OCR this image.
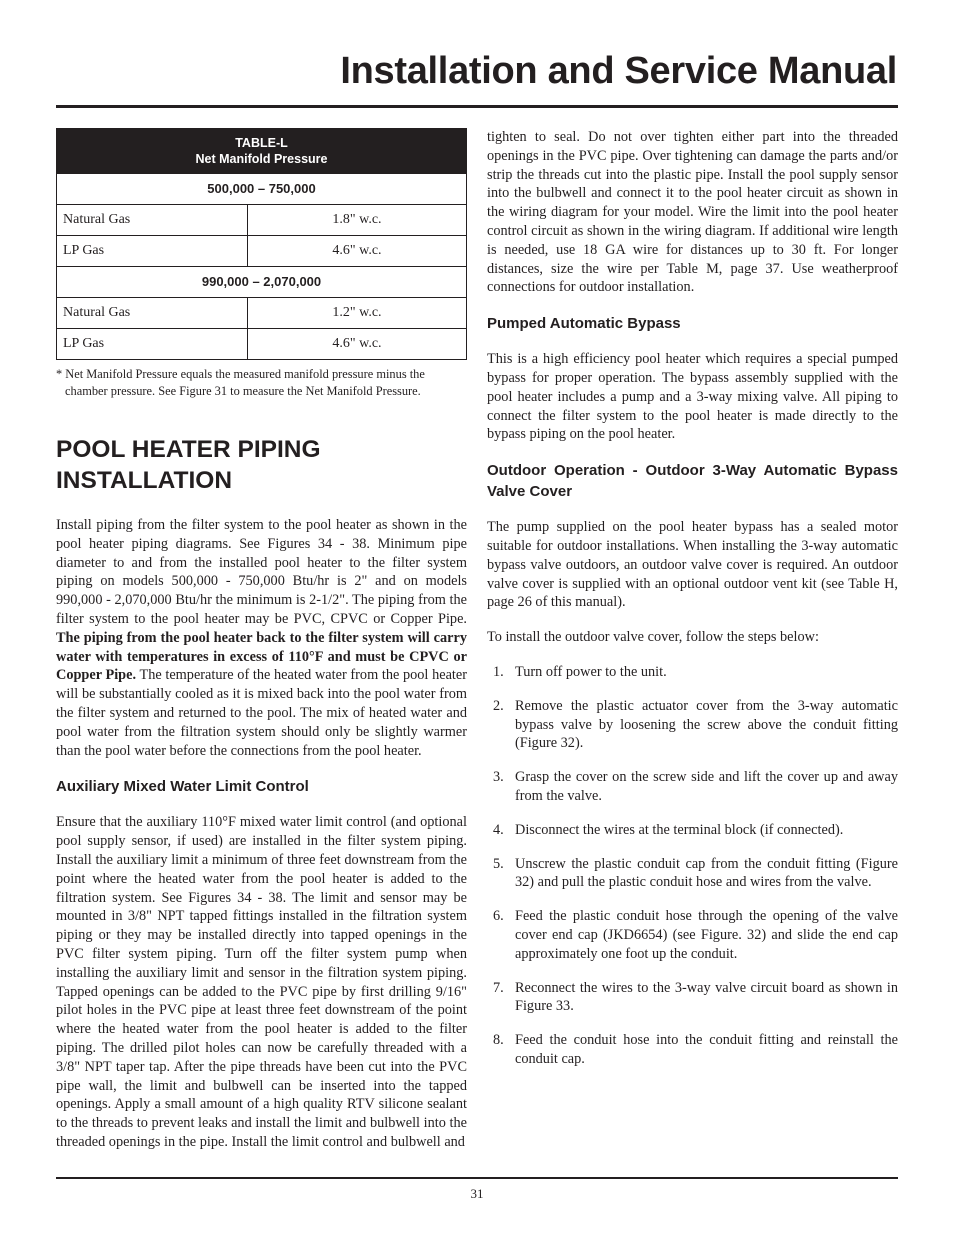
Installation and Service Manual
TABLE-L
Net Manifold Pressure	

500,000 – 750,000	
Natural Gas	1.8" w.c.
LP Gas	4.6" w.c.
990,000 – 2,070,000	
Natural Gas	1.2" w.c.
LP Gas	4.6" w.c.
* Net Manifold Pressure equals the measured manifold pressure minus the chamber pressure. See Figure 31 to measure the Net Manifold Pressure.
POOL HEATER PIPING INSTALLATION

Install piping from the filter system to the pool heater as shown in the pool heater piping diagrams. See Figures 34 - 38. Minimum pipe diameter to and from the installed pool heater to the filter system piping on models 500,000 - 750,000 Btu/hr is 2" and on models 990,000 - 2,070,000 Btu/hr the minimum is 2-1/2". The piping from the filter system to the pool heater may be PVC, CPVC or Copper Pipe. The piping from the pool heater back to the filter system will carry water with temperatures in excess of 110°F and must be CPVC or Copper Pipe. The temperature of the heated water from the pool heater will be substantially cooled as it is mixed back into the pool water from the filter system and returned to the pool. The mix of heated water and pool water from the filtration system should only be slightly warmer than the pool water before the connections from the pool heater.

Auxiliary Mixed Water Limit Control

Ensure that the auxiliary 110°F mixed water limit control (and optional pool supply sensor, if used) are installed in the filter system piping. Install the auxiliary limit a minimum of three feet downstream from the point where the heated water from the pool heater is added to the filtration system. See Figures 34 - 38. The limit and sensor may be mounted in 3/8" NPT tapped fittings installed in the filtration system piping or they may be installed directly into tapped openings in the PVC filter system piping. Turn off the filter system pump when installing the auxiliary limit and sensor in the filtration system piping. Tapped openings can be added to the PVC pipe by first drilling 9/16" pilot holes in the PVC pipe at least three feet downstream of the point where the heated water from the pool heater is added to the filter piping. The drilled pilot holes can now be carefully threaded with a 3/8" NPT taper tap. After the pipe threads have been cut into the PVC pipe wall, the limit and bulbwell can be inserted into the tapped openings. Apply a small amount of a high quality RTV silicone sealant to the threads to prevent leaks and install the limit and bulbwell into the threaded openings in the pipe. Install the limit control and bulbwell and

tighten to seal. Do not over tighten either part into the threaded openings in the PVC pipe. Over tightening can damage the parts and/or strip the threads cut into the plastic pipe. Install the pool supply sensor into the bulbwell and connect it to the pool heater circuit as shown in the wiring diagram for your model. Wire the limit into the pool heater control circuit as shown in the wiring diagram. If additional wire length is needed, use 18 GA wire for distances up to 30 ft. For longer distances, size the wire per Table M, page 37. Use weatherproof connections for outdoor installation.

Pumped Automatic Bypass

This is a high efficiency pool heater which requires a special pumped bypass for proper operation. The bypass assembly supplied with the pool heater includes a pump and a 3-way mixing valve. All piping to connect the filter system to the pool heater is made directly to the bypass piping on the pool heater.

Outdoor Operation - Outdoor 3-Way Automatic Bypass Valve Cover

The pump supplied on the pool heater bypass has a sealed motor suitable for outdoor installations. When installing the 3-way automatic bypass valve outdoors, an outdoor valve cover is required. An outdoor valve cover is supplied with an optional outdoor vent kit (see Table H, page 26 of this manual).

To install the outdoor valve cover, follow the steps below:

1. Turn off power to the unit.
2. Remove the plastic actuator cover from the 3-way automatic bypass valve by loosening the screw above the conduit fitting (Figure 32).
3. Grasp the cover on the screw side and lift the cover up and away from the valve.
4. Disconnect the wires at the terminal block (if connected).
5. Unscrew the plastic conduit cap from the conduit fitting (Figure 32) and pull the plastic conduit hose and wires from the valve.
6. Feed the plastic conduit hose through the opening of the valve cover end cap (JKD6654) (see Figure. 32) and slide the end cap approximately one foot up the conduit.
7. Reconnect the wires to the 3-way valve circuit board as shown in Figure 33.
8. Feed the conduit hose into the conduit fitting and reinstall the conduit cap.
31
